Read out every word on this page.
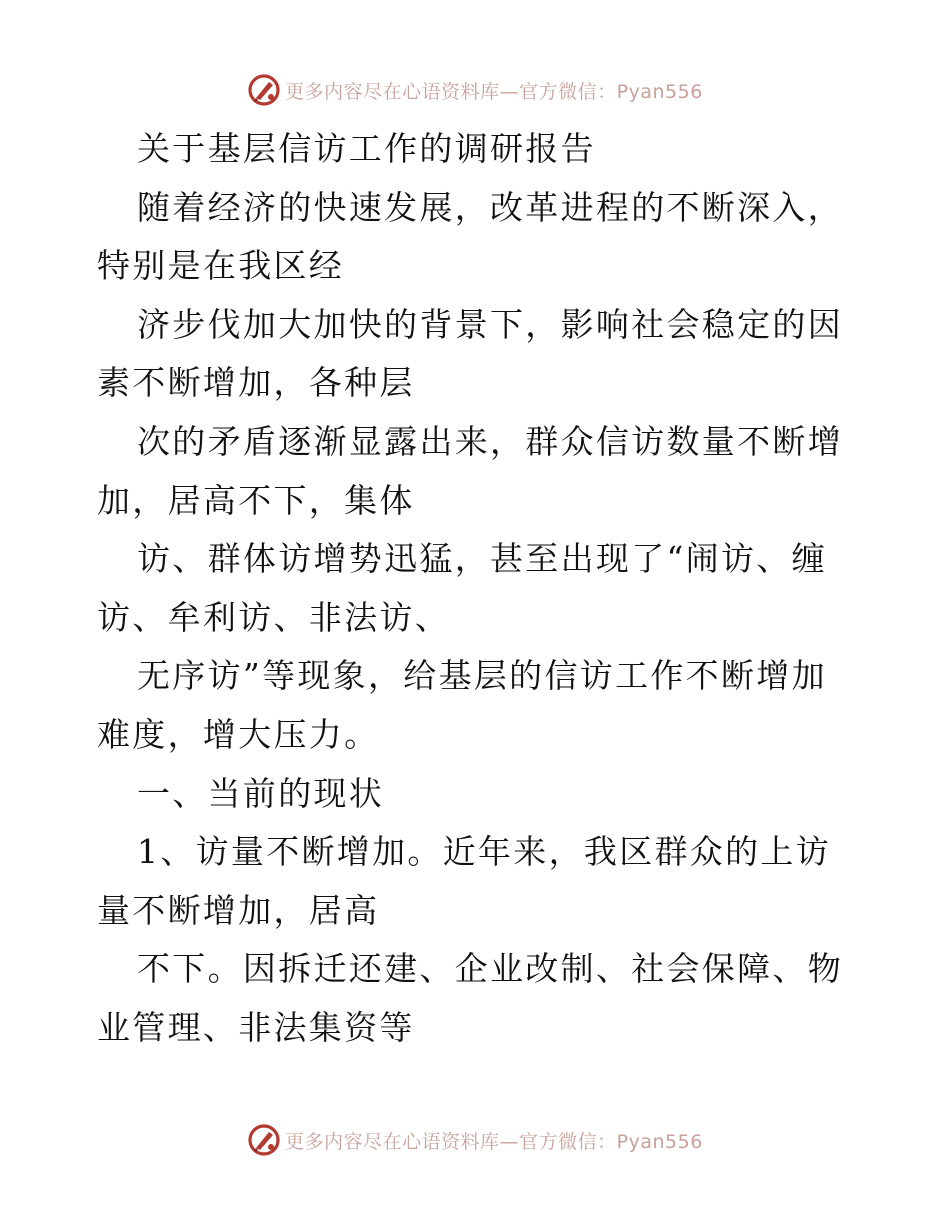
更多内容尽在心语资料库—官方微信：Pyan556

关于基层信访工作的调研报告

随着经济的快速发展，改革进程的不断深入，特别是在我区经

济步伐加大加快的背景下，影响社会稳定的因素不断增加，各种层

次的矛盾逐渐显露出来，群众信访数量不断增加，居高不下，集体

访、群体访增势迅猛，甚至出现了“闹访、缠访、牟利访、非法访、

无序访”等现象，给基层的信访工作不断增加难度，增大压力。

一、当前的现状

1、访量不断增加。近年来，我区群众的上访量不断增加，居高

不下。因拆迁还建、企业改制、社会保障、物业管理、非法集资等

更多内容尽在心语资料库—官方微信：Pyan556
